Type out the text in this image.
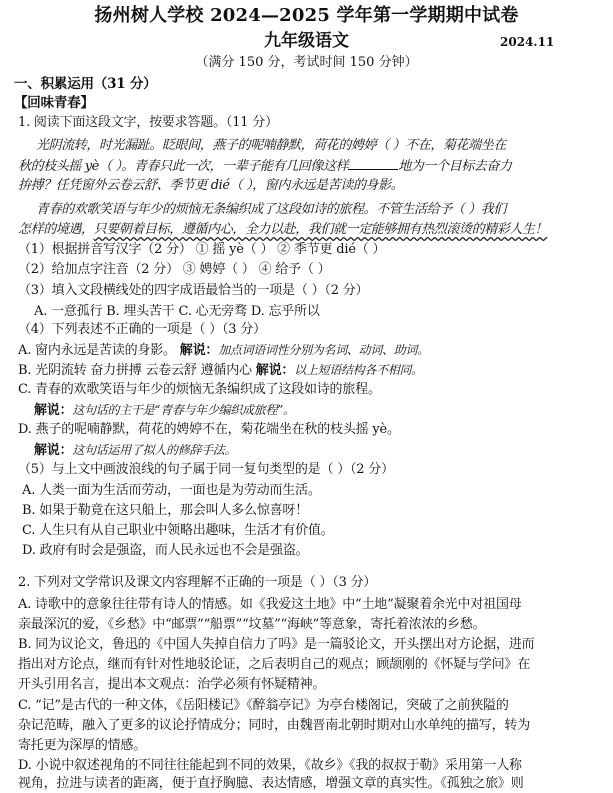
扬州树人学校 2024—2025 学年第一学期期中试卷
九年级语文	2024.11
（满分 150 分，考试时间 150 分钟）
一、积累运用（31 分）
【回味青春】
1. 阅读下面这段文字，按要求答题。（11 分）
光阴流转，时光漏趾。眨眼间，燕子的呢喃静默，荷花的娉婷（ ）不在，菊花端坐在
秋的枝头摇 yè（ ）。青春只此一次，一辈子能有几回像这样	地为一个目标去奋力
拚搏？任凭窗外云卷云舒、季节更 dié（ ），窗内永远是苦读的身影。
青春的欢歌笑语与年少的烦恼无条编织成了这段如诗的旅程。不管生活给予（ ）我们
怎样的境遇，只要朝着目标，遵循内心，全力以赴，我们就一定能够拥有热烈滚烫的精彩人生！
（1）根据拼音写汉字（2 分） ① 摇 yè（ ） ② 季节更 dié（ ）
（2）给加点字注音（2 分） ③ 娉婷（ ） ④ 给予（ ）
（3）填入文段横线处的四字成语最恰当的一项是（ ）（2 分）
A. 一意孤行 B. 埋头苦干 C. 心无旁骛 D. 忘乎所以
（4）下列表述不正确的一项是（ ）（3 分）
A. 窗内永远是苦读的身影。 解说：加点词语词性分别为名词、动词、助词。
B. 光阴流转 奋力拼搏 云卷云舒 遵循内心 解说：以上短语结构各不相同。
C. 青春的欢歌笑语与年少的烦恼无条编织成了这段如诗的旅程。
解说：这句话的主干是“青春与年少编织成旅程”。
D. 燕子的呢喃静默，荷花的娉婷不在，菊花端坐在秋的枝头摇 yè。
解说：这句话运用了拟人的修辞手法。
（5）与上文中画波浪线的句子属于同一复句类型的是（ ）（2 分）
A. 人类一面为生活而劳动，一面也是为劳动而生活。
B. 如果于勒竟在这只船上，那会叫人多么惊喜呀！
C. 人生只有从自己职业中领略出趣味，生活才有价值。
D. 政府有时会是强盗，而人民永远也不会是强盗。
2. 下列对文学常识及课文内容理解不正确的一项是（ ）（3 分）
A. 诗歌中的意象往往带有诗人的情感。如《我爱这土地》中“土地”凝聚着余光中对祖国母
亲最深沉的爱，《乡愁》中“邮票”“船票”“坟墓”“海峡”等意象，寄托着浓浓的乡愁。
B. 同为议论文，鲁迅的《中国人失掉自信力了吗》是一篇驳论文，开头摆出对方论据，进而
指出对方论点，继而有针对性地驳论证，之后表明自己的观点；顾颉刚的《怀疑与学问》在
开头引用名言，提出本文观点：治学必须有怀疑精神。
C. “记”是古代的一种文体，《岳阳楼记》《醉翁亭记》为亭台楼阁记，突破了之前狭隘的
杂记范畴，融入了更多的议论抒情成分；同时，由魏晋南北朝时期对山水单纯的描写，转为
寄托更为深厚的情感。
D. 小说中叙述视角的不同往往能起到不同的效果，《故乡》《我的叔叔于勒》采用第一人称
视角，拉进与读者的距离，便于直抒胸臆、表达情感，增强文章的真实性。《孤独之旅》则
